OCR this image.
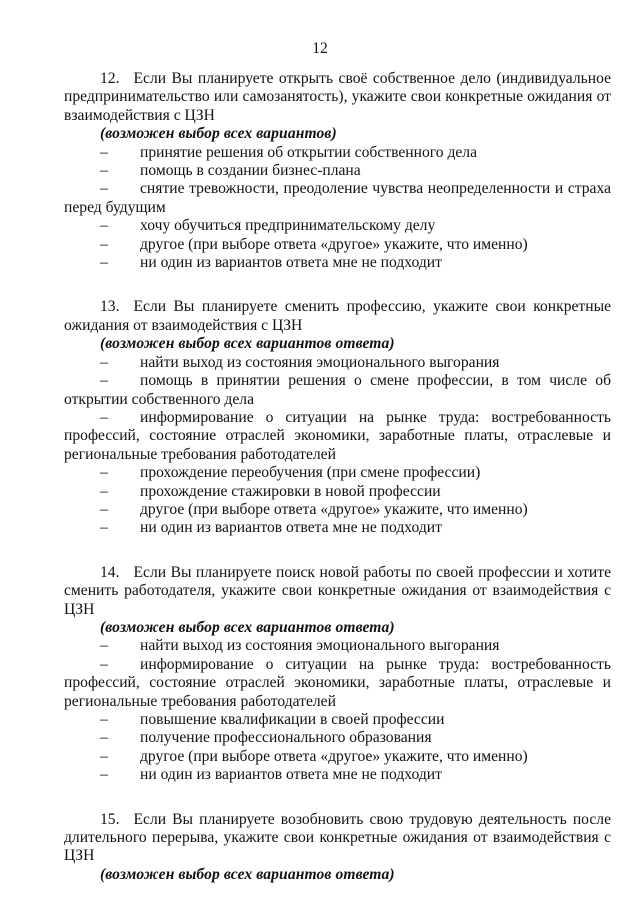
12

12. Если Вы планируете открыть своё собственное дело (индивидуальное предпринимательство или самозанятость), укажите свои конкретные ожидания от взаимодействия с ЦЗН

(возможен выбор всех вариантов)

– принятие решения об открытии собственного дела
– помощь в создании бизнес-плана
– снятие тревожности, преодоление чувства неопределенности и страха перед будущим
– хочу обучиться предпринимательскому делу
– другое (при выборе ответа «другое» укажите, что именно)
– ни один из вариантов ответа мне не подходит

13. Если Вы планируете сменить профессию, укажите свои конкретные ожидания от взаимодействия с ЦЗН

(возможен выбор всех вариантов ответа)

– найти выход из состояния эмоционального выгорания
– помощь в принятии решения о смене профессии, в том числе об открытии собственного дела
– информирование о ситуации на рынке труда: востребованность профессий, состояние отраслей экономики, заработные платы, отраслевые и региональные требования работодателей
– прохождение переобучения (при смене профессии)
– прохождение стажировки в новой профессии
– другое (при выборе ответа «другое» укажите, что именно)
– ни один из вариантов ответа мне не подходит

14. Если Вы планируете поиск новой работы по своей профессии и хотите сменить работодателя, укажите свои конкретные ожидания от взаимодействия с ЦЗН

(возможен выбор всех вариантов ответа)

– найти выход из состояния эмоционального выгорания
– информирование о ситуации на рынке труда: востребованность профессий, состояние отраслей экономики, заработные платы, отраслевые и региональные требования работодателей
– повышение квалификации в своей профессии
– получение профессионального образования
– другое (при выборе ответа «другое» укажите, что именно)
– ни один из вариантов ответа мне не подходит

15. Если Вы планируете возобновить свою трудовую деятельность после длительного перерыва, укажите свои конкретные ожидания от взаимодействия с ЦЗН

(возможен выбор всех вариантов ответа)
